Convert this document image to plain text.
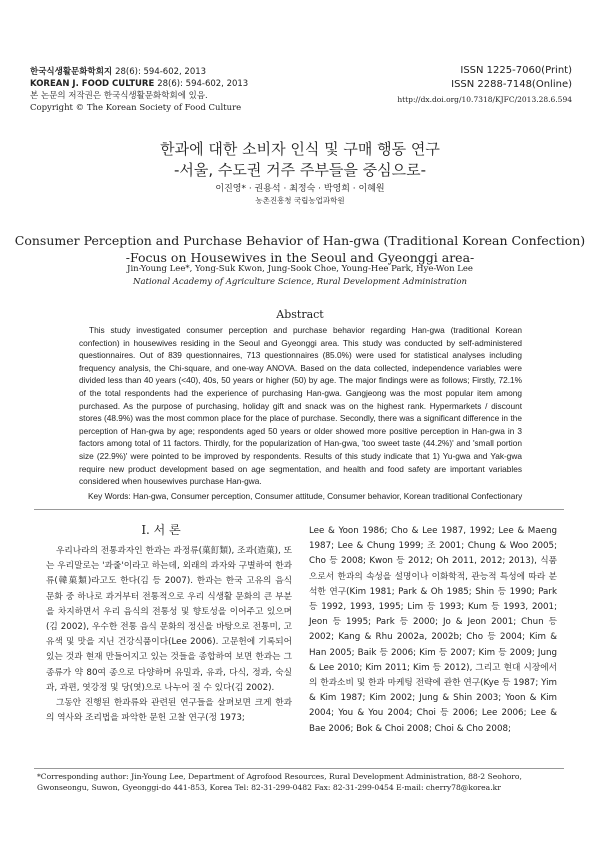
한국식생활문화학회지 28(6): 594-602, 2013
KOREAN J. FOOD CULTURE 28(6): 594-602, 2013
본 논문의 저작권은 한국식생활문화학회에 있음.
Copyright © The Korean Society of Food Culture
ISSN 1225-7060(Print)
ISSN 2288-7148(Online)
http://dx.doi.org/10.7318/KJFC/2013.28.6.594
한과에 대한 소비자 인식 및 구매 행동 연구
-서울, 수도권 거주 주부들을 중심으로-
이진영* · 권용석 · 최정숙 · 박영희 · 이혜원
농촌진흥청 국립농업과학원
Consumer Perception and Purchase Behavior of Han-gwa (Traditional Korean Confection)
-Focus on Housewives in the Seoul and Gyeonggi area-
Jin-Young Lee*, Yong-Suk Kwon, Jung-Sook Choe, Young-Hee Park, Hye-Won Lee
National Academy of Agriculture Science, Rural Development Administration
Abstract
This study investigated consumer perception and purchase behavior regarding Han-gwa (traditional Korean confection) in housewives residing in the Seoul and Gyeonggi area. This study was conducted by self-administered questionnaires. Out of 839 questionnaires, 713 questionnaires (85.0%) were used for statistical analyses including frequency analysis, the Chi-square, and one-way ANOVA. Based on the data collected, independence variables were divided less than 40 years (<40), 40s, 50 years or higher (50) by age. The major findings were as follows; Firstly, 72.1% of the total respondents had the experience of purchasing Han-gwa. Gangjeong was the most popular item among purchased. As the purpose of purchasing, holiday gift and snack was on the highest rank. Hypermarkets / discount stores (48.9%) was the most common place for the place of purchase. Secondly, there was a significant difference in the perception of Han-gwa by age; respondents aged 50 years or older showed more positive perception in Han-gwa in 3 factors among total of 11 factors. Thirdly, for the popularization of Han-gwa, 'too sweet taste (44.2%)' and 'small portion size (22.9%)' were pointed to be improved by respondents. Results of this study indicate that 1) Yu-gwa and Yak-gwa require new product development based on age segmentation, and health and food safety are important variables considered when housewives purchase Han-gwa.
Key Words: Han-gwa, Consumer perception, Consumer attitude, Consumer behavior, Korean traditional Confectionary
I. 서 론

우리나라의 전통과자인 한과는 과정류(菓飣類), 조과(造菓), 또는 우리말로는 '과줄'이라고 하는데, 외래의 과자와 구별하여 한과류(韓菓類)라고도 한다(김 등 2007). 한과는 한국 고유의 음식 문화 중 하나로 과거부터 전통적으로 우리 식생활 문화의 큰 부분을 차지하면서 우리 음식의 전통성 및 향토성을 이어주고 있으며(김 2002), 우수한 전통 음식 문화의 정신을 바탕으로 전통미, 고유색 및 맛을 지닌 건강식품이다(Lee 2006). 고문헌에 기록되어 있는 것과 현재 만들어지고 있는 것들을 종합하여 보면 한과는 그 종류가 약 80여 종으로 다양하며 유밀과, 유과, 다식, 정과, 숙실과, 과편, 엿강정 및 당(엿)으로 나누어 질 수 있다(김 2002).

그동안 진행된 한과류와 관련된 연구들을 살펴보면 크게 한과의 역사와 조리법을 파악한 문헌 고찰 연구(정 1973;

Lee & Yoon 1986; Cho & Lee 1987, 1992; Lee & Maeng 1987; Lee & Chung 1999; 조 2001; Chung & Woo 2005; Cho 등 2008; Kwon 등 2012; Oh 2011, 2012; 2013), 식품으로서 한과의 속성을 설명이나 이화학적, 관능적 특성에 따라 분석한 연구(Kim 1981; Park & Oh 1985; Shin 등 1990; Park 등 1992, 1993, 1995; Lim 등 1993; Kum 등 1993, 2001; Jeon 등 1995; Park 등 2000; Jo & Jeon 2001; Chun 등 2002; Kang & Rhu 2002a, 2002b; Cho 등 2004; Kim & Han 2005; Baik 등 2006; Kim 등 2007; Kim 등 2009; Jung & Lee 2010; Kim 2011; Kim 등 2012), 그리고 현대 시장에서의 한과소비 및 한과 마케팅 전략에 관한 연구(Kye 등 1987; Yim & Kim 1987; Kim 2002; Jung & Shin 2003; Yoon & Kim 2004; You & You 2004; Choi 등 2006; Lee 2006; Lee & Bae 2006; Bok & Choi 2008; Choi & Cho 2008;
*Corresponding author: Jin-Young Lee, Department of Agrofood Resources, Rural Development Administration, 88-2 Seohoro, Gwonseongu, Suwon, Gyeonggi-do 441-853, Korea Tel: 82-31-299-0482 Fax: 82-31-299-0454 E-mail: cherry78@korea.kr
